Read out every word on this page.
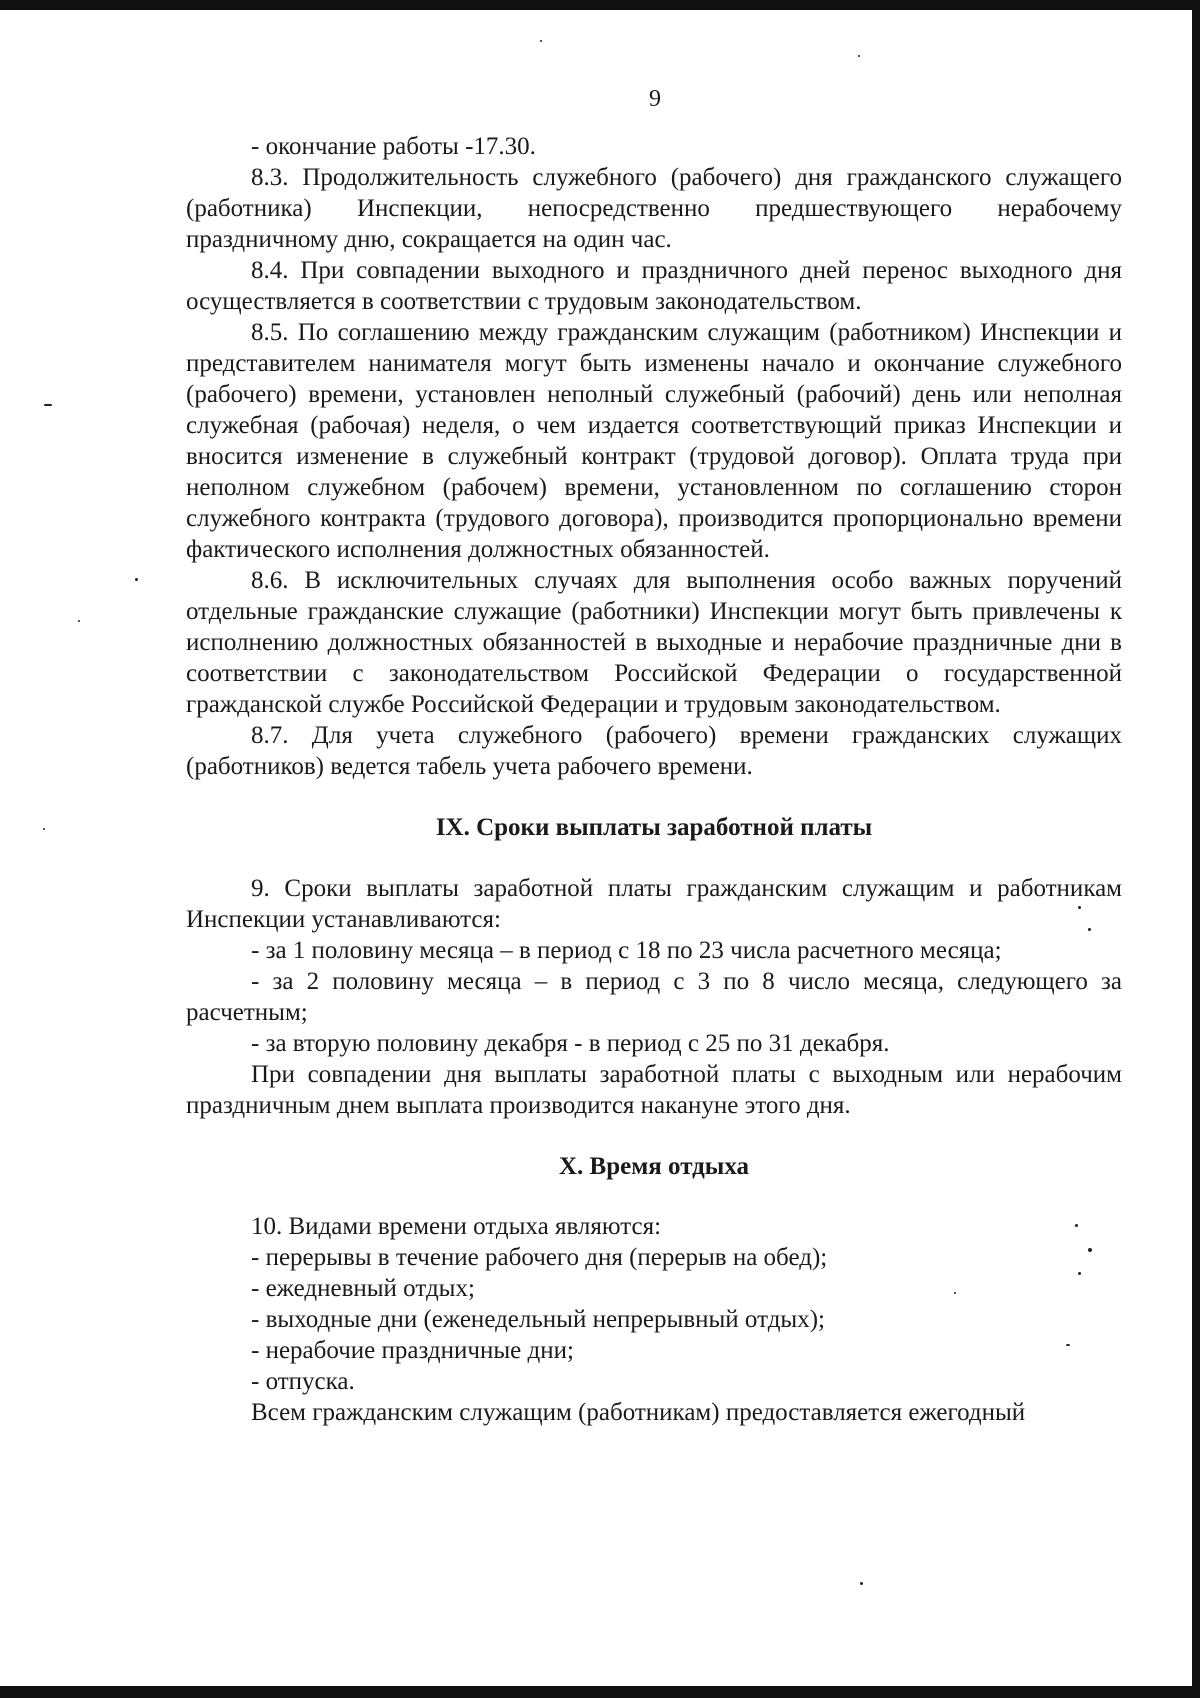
9

- окончание работы -17.30.

8.3. Продолжительность служебного (рабочего) дня гражданского служащего (работника) Инспекции, непосредственно предшествующего нерабочему праздничному дню, сокращается на один час.

8.4. При совпадении выходного и праздничного дней перенос выходного дня осуществляется в соответствии с трудовым законодательством.

8.5. По соглашению между гражданским служащим (работником) Инспекции и представителем нанимателя могут быть изменены начало и окончание служебного (рабочего) времени, установлен неполный служебный (рабочий) день или неполная служебная (рабочая) неделя, о чем издается соответствующий приказ Инспекции и вносится изменение в служебный контракт (трудовой договор). Оплата труда при неполном служебном (рабочем) времени, установленном по соглашению сторон служебного контракта (трудового договора), производится пропорционально времени фактического исполнения должностных обязанностей.

8.6. В исключительных случаях для выполнения особо важных поручений отдельные гражданские служащие (работники) Инспекции могут быть привлечены к исполнению должностных обязанностей в выходные и нерабочие праздничные дни в соответствии с законодательством Российской Федерации о государственной гражданской службе Российской Федерации и трудовым законодательством.

8.7. Для учета служебного (рабочего) времени гражданских служащих (работников) ведется табель учета рабочего времени.

IX. Сроки выплаты заработной платы

9. Сроки выплаты заработной платы гражданским служащим и работникам Инспекции устанавливаются:

- за 1 половину месяца – в период с 18 по 23 числа расчетного месяца;

- за 2 половину месяца – в период с 3 по 8 число месяца, следующего за расчетным;

- за вторую половину декабря - в период с 25 по 31 декабря.

При совпадении дня выплаты заработной платы с выходным или нерабочим праздничным днем выплата производится накануне этого дня.

X. Время отдыха

10. Видами времени отдыха являются:

- перерывы в течение рабочего дня (перерыв на обед);

- ежедневный отдых;

- выходные дни (еженедельный непрерывный отдых);

- нерабочие праздничные дни;

- отпуска.

Всем гражданским служащим (работникам) предоставляется ежегодный
